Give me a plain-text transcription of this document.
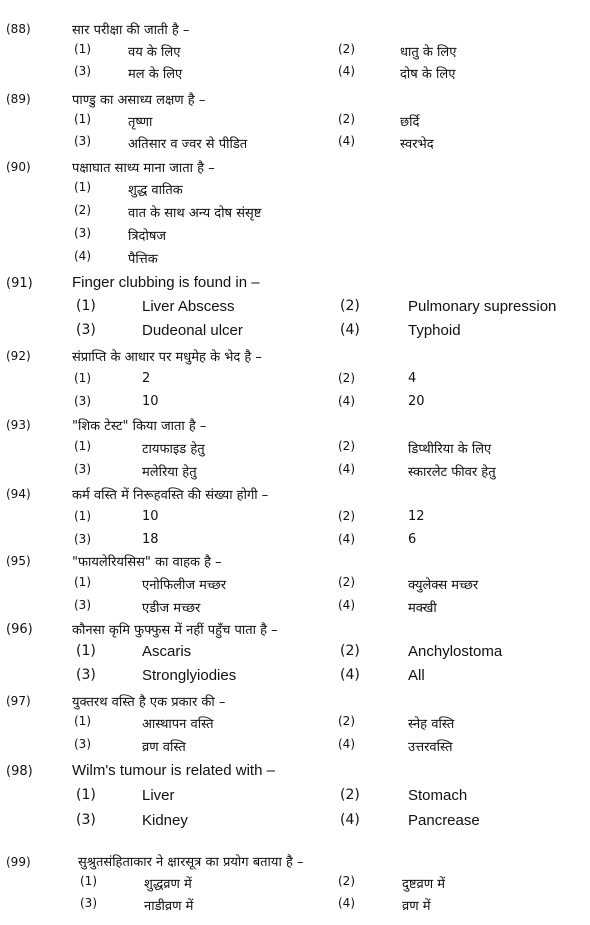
(88)	सार परीक्षा की जाती है –
(1)	वय के लिए	(2)	धातु के लिए
(3)	मल के लिए	(4)	दोष के लिए
(89)	पाण्डु का असाध्य लक्षण है –
(1)	तृष्णा	(2)	छर्दि
(3)	अतिसार व ज्वर से पीडित	(4)	स्वरभेद
(90)	पक्षाघात साध्य माना जाता है –
(1)	शुद्ध वातिक
(2)	वात के साथ अन्य दोष संसृष्ट
(3)	त्रिदोषज
(4)	पैत्तिक
(91)	Finger clubbing is found in –
(1)	Liver Abscess	(2)	Pulmonary supression
(3)	Dudeonal ulcer	(4)	Typhoid
(92)	संप्राप्ति के आधार पर मधुमेह के भेद है –
(1)	2	(2)	4
(3)	10	(4)	20
(93)	"शिक टेस्ट" किया जाता है –
(1)	टायफाइड हेतु	(2)	डिप्थीरिया के लिए
(3)	मलेरिया हेतु	(4)	स्कारलेट फीवर हेतु
(94)	कर्म वस्ति में निरूहवस्ति की संख्या होगी –
(1)	10	(2)	12
(3)	18	(4)	6
(95)	"फायलेरियसिस" का वाहक है –
(1)	एनोफिलीज मच्छर	(2)	क्युलेक्स मच्छर
(3)	एडीज मच्छर	(4)	मक्खी
(96)	कौनसा कृमि फुफ्फुस में नहीं पहुँच पाता है –
(1)	Ascaris	(2)	Anchylostoma
(3)	Stronglyiodies	(4)	All
(97)	युक्तरथ वस्ति है एक प्रकार की –
(1)	आस्थापन वस्ति	(2)	स्नेह वस्ति
(3)	व्रण वस्ति	(4)	उत्तरवस्ति
(98)	Wilm's tumour is related with –
(1)	Liver	(2)	Stomach
(3)	Kidney	(4)	Pancrease
(99)	सुश्रुतसंहिताकार ने क्षारसूत्र का प्रयोग बताया है –
(1)	शुद्धव्रण में	(2)	दुष्टव्रण में
(3)	नाडीव्रण में	(4)	व्रण में
